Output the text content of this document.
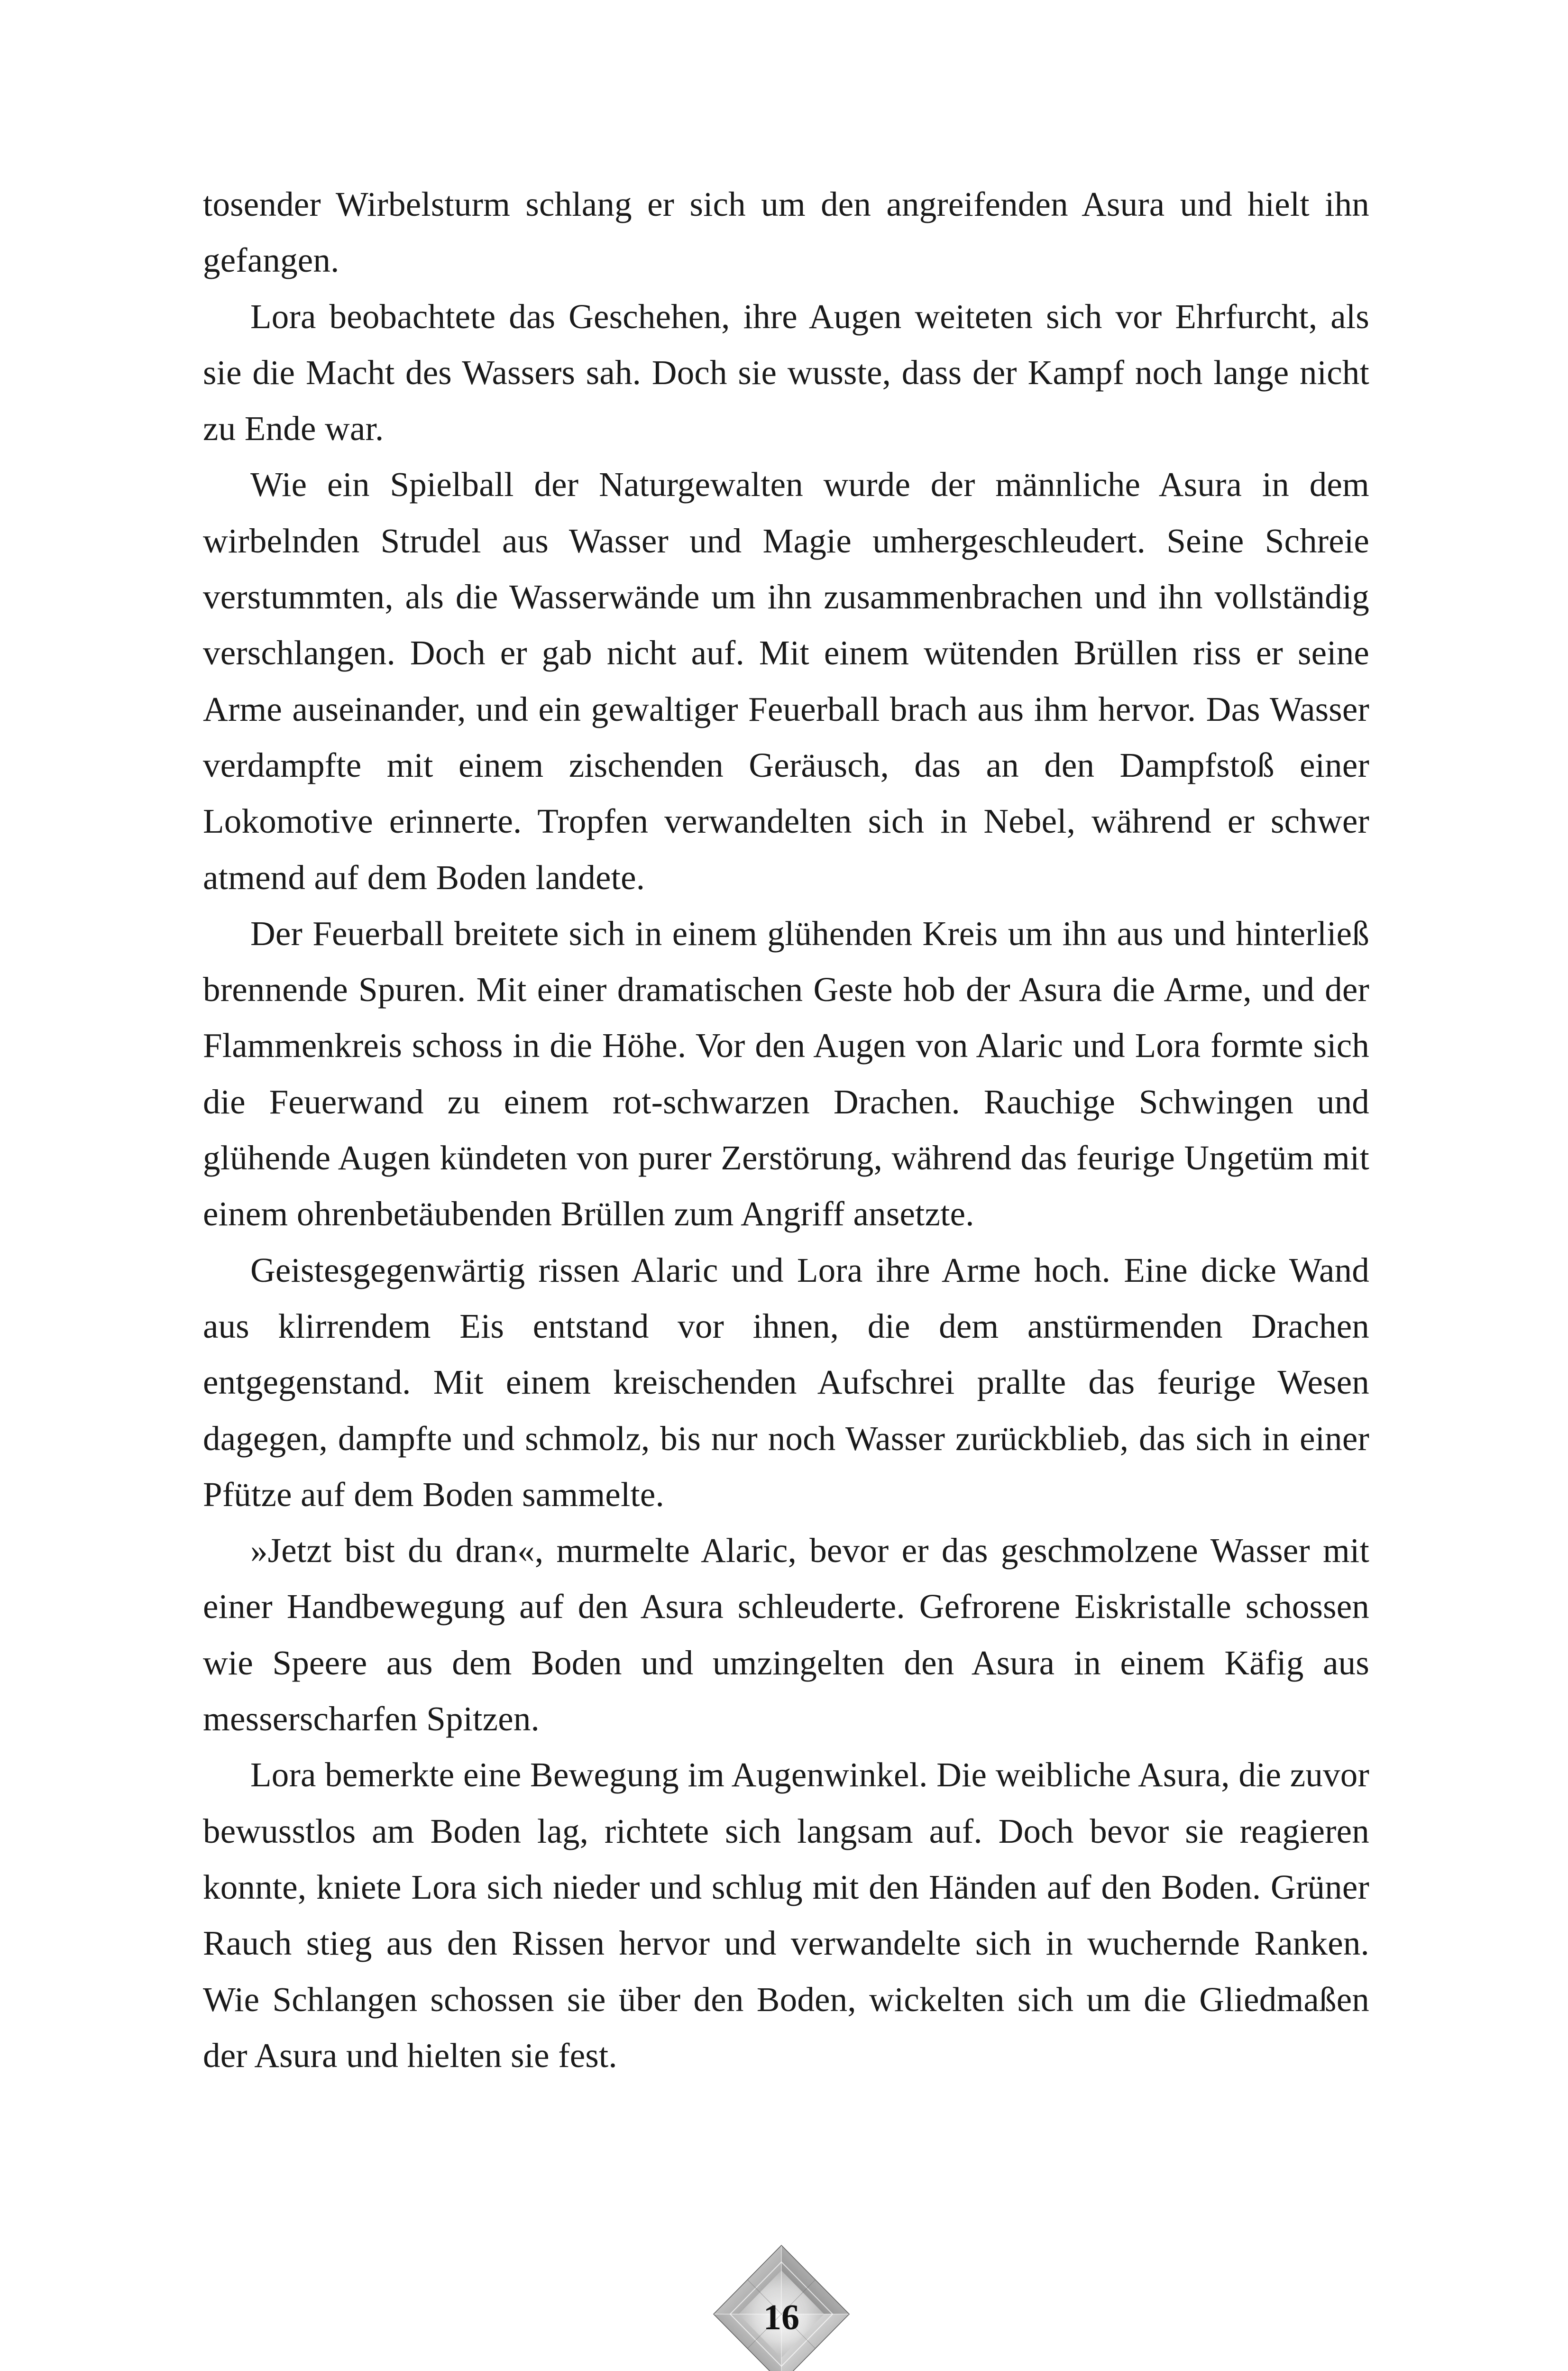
tosender Wirbelsturm schlang er sich um den angreifenden Asura und hielt ihn gefangen.

Lora beobachtete das Geschehen, ihre Augen weiteten sich vor Ehrfurcht, als sie die Macht des Wassers sah. Doch sie wusste, dass der Kampf noch lange nicht zu Ende war.

Wie ein Spielball der Naturgewalten wurde der männliche Asura in dem wirbelnden Strudel aus Wasser und Magie umhergeschleudert. Seine Schreie verstummten, als die Wasserwände um ihn zusammenbrachen und ihn vollständig verschlangen. Doch er gab nicht auf. Mit einem wütenden Brüllen riss er seine Arme auseinander, und ein gewaltiger Feuerball brach aus ihm hervor. Das Wasser verdampfte mit einem zischenden Geräusch, das an den Dampfstoß einer Lokomotive erinnerte. Tropfen verwandelten sich in Nebel, während er schwer atmend auf dem Boden landete.

Der Feuerball breitete sich in einem glühenden Kreis um ihn aus und hinterließ brennende Spuren. Mit einer dramatischen Geste hob der Asura die Arme, und der Flammenkreis schoss in die Höhe. Vor den Augen von Alaric und Lora formte sich die Feuerwand zu einem rot-schwarzen Drachen. Rauchige Schwingen und glühende Augen kündeten von purer Zerstörung, während das feurige Ungetüm mit einem ohrenbetäubenden Brüllen zum Angriff ansetzte.

Geistesgegenwärtig rissen Alaric und Lora ihre Arme hoch. Eine dicke Wand aus klirrendem Eis entstand vor ihnen, die dem anstürmenden Drachen entgegenstand. Mit einem kreischenden Aufschrei prallte das feurige Wesen dagegen, dampfte und schmolz, bis nur noch Wasser zurückblieb, das sich in einer Pfütze auf dem Boden sammelte.

»Jetzt bist du dran«, murmelte Alaric, bevor er das geschmolzene Wasser mit einer Handbewegung auf den Asura schleuderte. Gefrorene Eiskristalle schossen wie Speere aus dem Boden und umzingelten den Asura in einem Käfig aus messerscharfen Spitzen.

Lora bemerkte eine Bewegung im Augenwinkel. Die weibliche Asura, die zuvor bewusstlos am Boden lag, richtete sich langsam auf. Doch bevor sie reagieren konnte, kniete Lora sich nieder und schlug mit den Händen auf den Boden. Grüner Rauch stieg aus den Rissen hervor und verwandelte sich in wuchernde Ranken. Wie Schlangen schossen sie über den Boden, wickelten sich um die Gliedmaßen der Asura und hielten sie fest.

16
